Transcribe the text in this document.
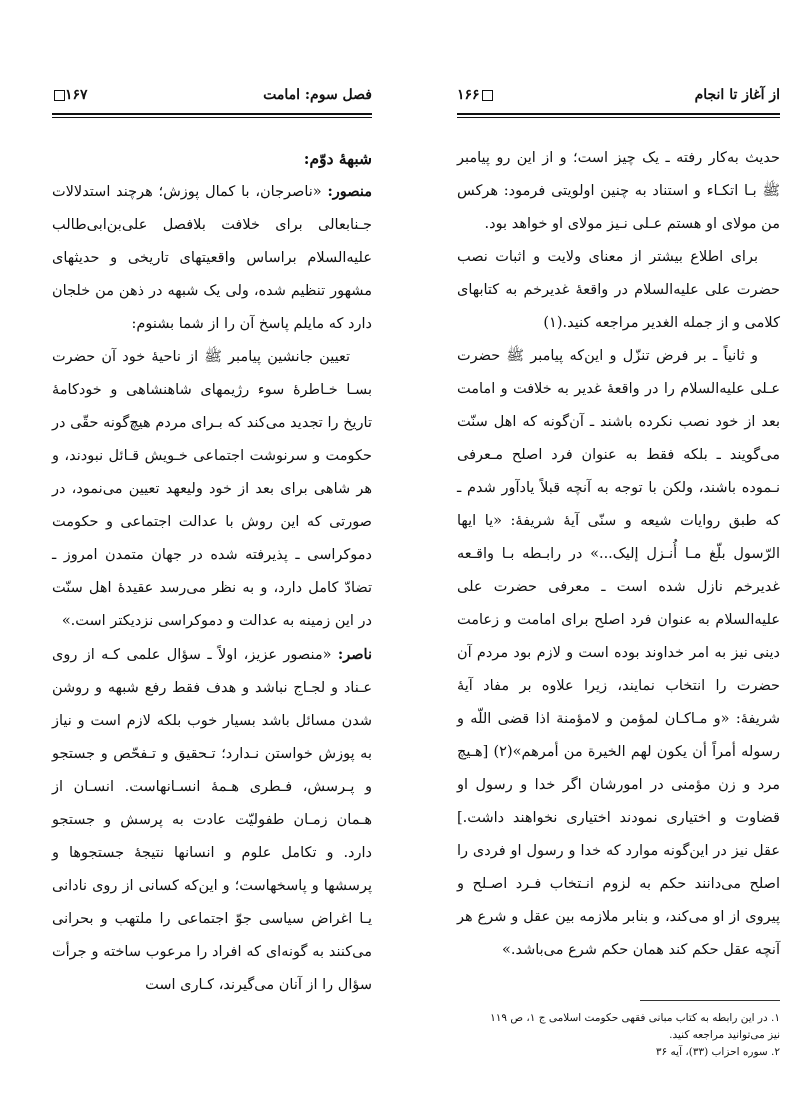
فصل سوم: امامت
۱۶۷

شبههٔ دوّم:

منصور: «ناصرجان، با کمال پوزش؛ هرچند استدلالات جـنابعالی برای خلافت بلافصل علی‌بن‌ابی‌طالب علیه‌السلام براساس واقعیتهای تاریخی و حدیثهای مشهور تنظیم شده، ولی یک شبهه در ذهن من خلجان دارد که مایلم پاسخ آن را از شما بشنوم:

تعیین جانشین پیامبر ﷺ از ناحیهٔ خود آن حضرت بسـا خـاطرهٔ سوء رژیمهای شاهنشاهی و خودکامهٔ تاریخ را تجدید می‌کند که بـرای مردم هیچ‌گونه حقّی در حکومت و سرنوشت اجتماعی خـویش قـائل نبودند، و هر شاهی برای بعد از خود ولیعهد تعیین می‌نمود، در صورتی که این روش با عدالت اجتماعی و حکومت دموکراسی ـ پذیرفته شده در جهان متمدن امروز ـ تضادّ کامل دارد، و به نظر می‌رسد عقیدهٔ اهل سنّت در این زمینه به عدالت و دموکراسی نزدیکتر است.»

ناصر: «منصور عزیز، اولاً ـ سؤال علمی کـه از روی عـناد و لجـاج نباشد و هدف فقط رفع شبهه و روشن شدن مسائل باشد بسیار خوب بلکه لازم است و نیاز به پوزش خواستن نـدارد؛ تـحقیق و تـفحّص و جستجو و پـرسش، فـطری هـمهٔ انسـانهاست. انسـان از هـمان زمـان طفولیّت عادت به پرسش و جستجو دارد. و تکامل علوم و انسانها نتیجهٔ جستجوها و پرسشها و پاسخهاست؛ و این‌که کسانی از روی نادانی یـا اغراض سیاسی جوّ اجتماعی را ملتهب و بحرانی می‌کنند به گونه‌ای که افراد را مرعوب ساخته و جرأت سؤال را از آنان می‌گیرند، کـاری است

از آغاز تا انجام
۱۶۶

حدیث به‌کار رفته ـ یک چیز است؛ و از این رو پیامبر ﷺ بـا اتکـاء و استناد به چنین اولویتی فرمود: هرکس من مولای او هستم عـلی نـیز مولای او خواهد بود.

برای اطلاع بیشتر از معنای ولایت و اثبات نصب حضرت علی علیه‌السلام در واقعهٔ غدیرخم به کتابهای کلامی و از جمله الغدیر مراجعه کنید.(۱)

و ثانیاً ـ بر فرض تنزّل و این‌که پیامبر ﷺ حضرت عـلی علیه‌السلام را در واقعهٔ غدیر به خلافت و امامت بعد از خود نصب نکرده باشند ـ آن‌گونه که اهل سنّت می‌گویند ـ بلکه فقط به عنوان فرد اصلح مـعرفی نـموده باشند، ولکن با توجه به آنچه قبلاً یادآور شدم ـ که طبق روایات شیعه و سنّی آیهٔ شریفهٔ: «یا ایها الرّسول بلّغ مـا أُنـزل إلیک...» در رابـطه بـا واقـعه غدیرخم نازل شده است ـ معرفی حضرت علی علیه‌السلام به عنوان فرد اصلح برای امامت و زعامت دینی نیز به امر خداوند بوده است و لازم بود مردم آن حضرت را انتخاب نمایند، زیرا علاوه بر مفاد آیهٔ شریفهٔ: «و مـاکـان لمؤمن و لامؤمنة اذا قضی اللّه و رسوله أمراً أن یکون لهم الخیرة من أمرهم»(۲) [هـیچ مرد و زن مؤمنی در امورشان اگر خدا و رسول او قضاوت و اختیاری نمودند اختیاری نخواهند داشت.] عقل نیز در این‌گونه موارد که خدا و رسول او فردی را اصلح می‌دانند حکم به لزوم انـتخاب فـرد اصـلح و پیروی از او می‌کند، و بنابر ملازمه بین عقل و شرع هر آنچه عقل حکم کند همان حکم شرع می‌باشد.»

۱. در این رابطه به کتاب مبانی فقهی حکومت اسلامی ج ۱، ص ۱۱۹ نیز می‌توانید مراجعه کنید.

۲. سوره احزاب (۳۳)، آیه ۳۶
